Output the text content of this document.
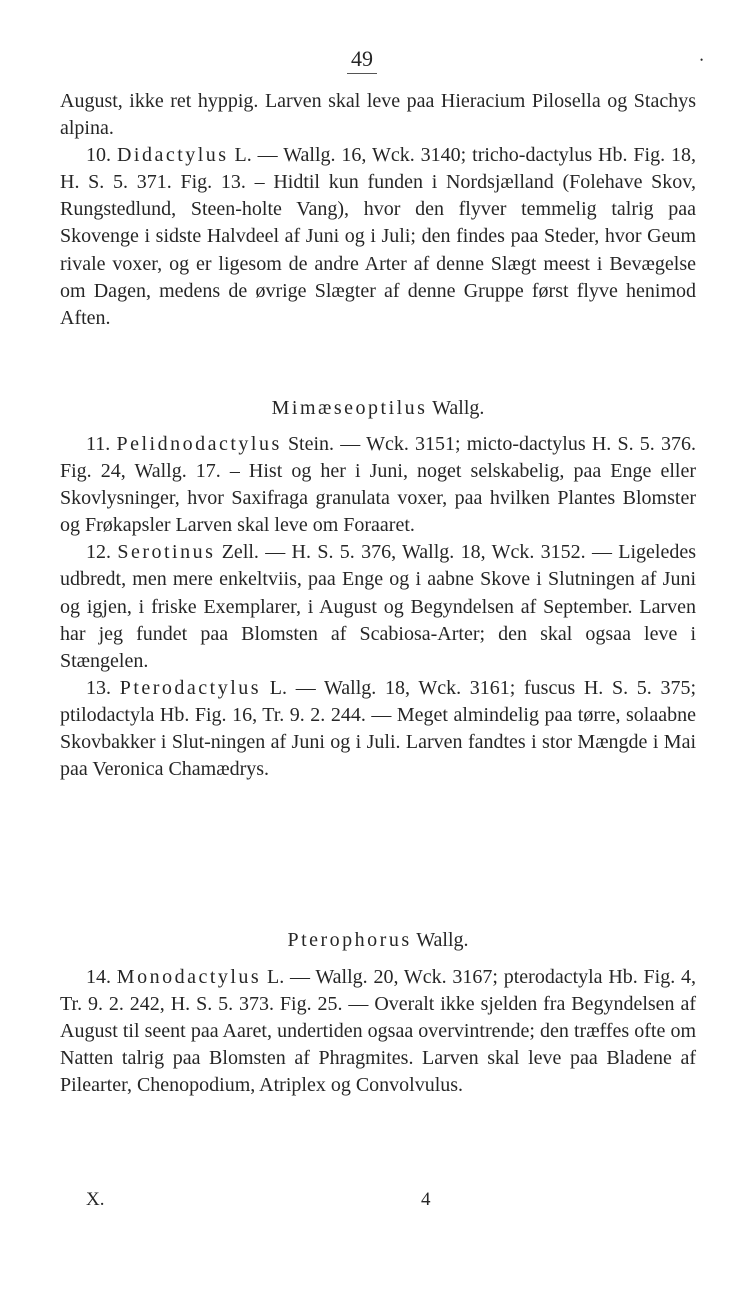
49	•

August, ikke ret hyppig. Larven skal leve paa Hieracium Pilosella og Stachys alpina.

10. Didactylus L. — Wallg. 16, Wck. 3140; tricho-dactylus Hb. Fig. 18, H. S. 5. 371. Fig. 13. – Hidtil kun funden i Nordsjælland (Folehave Skov, Rungstedlund, Steen-holte Vang), hvor den flyver temmelig talrig paa Skovenge i sidste Halvdeel af Juni og i Juli; den findes paa Steder, hvor Geum rivale voxer, og er ligesom de andre Arter af denne Slægt meest i Bevægelse om Dagen, medens de øvrige Slægter af denne Gruppe først flyve henimod Aften.

Mimæseoptilus Wallg.

11. Pelidnodactylus Stein. — Wck. 3151; micto-dactylus H. S. 5. 376. Fig. 24, Wallg. 17. – Hist og her i Juni, noget selskabelig, paa Enge eller Skovlysninger, hvor Saxifraga granulata voxer, paa hvilken Plantes Blomster og Frøkapsler Larven skal leve om Foraaret.

12. Serotinus Zell. — H. S. 5. 376, Wallg. 18, Wck. 3152. — Ligeledes udbredt, men mere enkeltviis, paa Enge og i aabne Skove i Slutningen af Juni og igjen, i friske Exemplarer, i August og Begyndelsen af September. Larven har jeg fundet paa Blomsten af Scabiosa-Arter; den skal ogsaa leve i Stængelen.

13. Pterodactylus L. — Wallg. 18, Wck. 3161; fuscus H. S. 5. 375; ptilodactyla Hb. Fig. 16, Tr. 9. 2. 244. — Meget almindelig paa tørre, solaabne Skovbakker i Slut-ningen af Juni og i Juli. Larven fandtes i stor Mængde i Mai paa Veronica Chamædrys.

Pterophorus Wallg.

14. Monodactylus L. — Wallg. 20, Wck. 3167; pterodactyla Hb. Fig. 4, Tr. 9. 2. 242, H. S. 5. 373. Fig. 25. — Overalt ikke sjelden fra Begyndelsen af August til seent paa Aaret, undertiden ogsaa overvintrende; den træffes ofte om Natten talrig paa Blomsten af Phragmites. Larven skal leve paa Bladene af Pilearter, Chenopodium, Atriplex og Convolvulus.

X.	4
